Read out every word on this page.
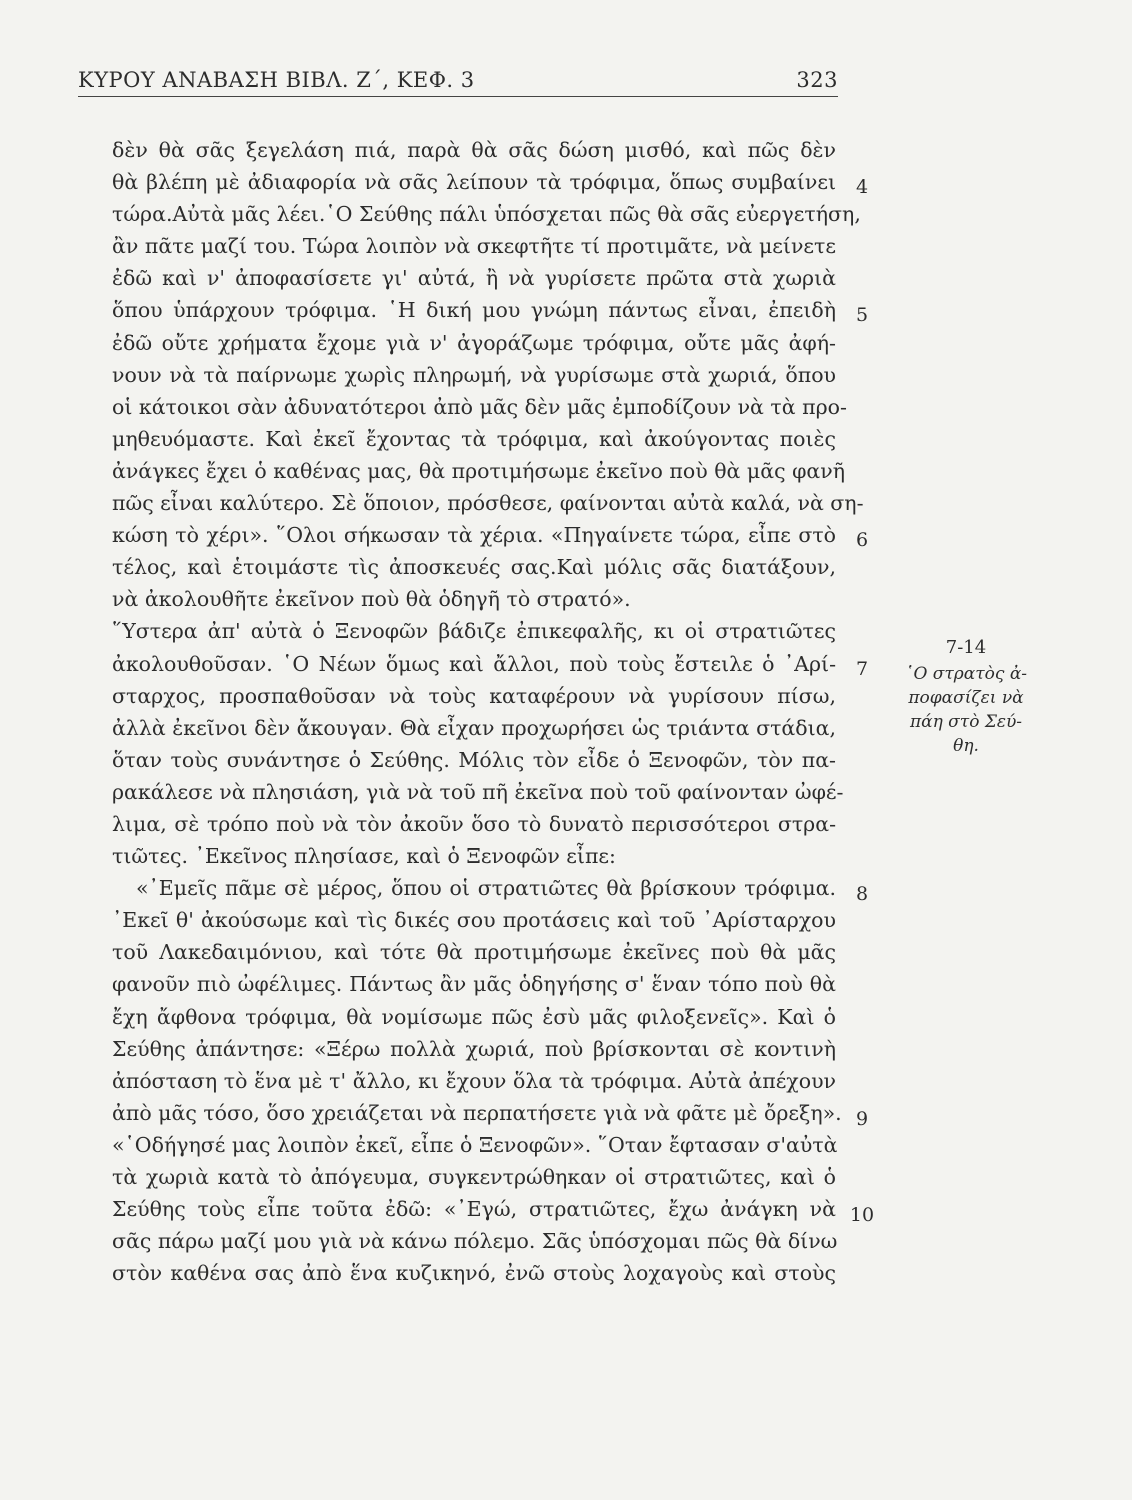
ΚΥΡΟΥ ΑΝΑΒΑΣΗ ΒΙΒΛ. Ζ΄, ΚΕΦ. 3	323
δὲν θὰ σᾶς ξεγελάση πιά, παρὰ θὰ σᾶς δώση μισθό, καὶ πῶς δὲν
θὰ βλέπη μὲ ἀδιαφορία νὰ σᾶς λείπουν τὰ τρόφιμα, ὅπως συμβαίνει
τώρα.Αὐτὰ μᾶς λέει.῾Ο Σεύθης πάλι ὑπόσχεται πῶς θὰ σᾶς εὐεργετήση,
ἂν πᾶτε μαζί του. Τώρα λοιπὸν νὰ σκεφτῆτε τί προτιμᾶτε, νὰ μείνετε
ἐδῶ καὶ ν' ἀποφασίσετε γι' αὐτά, ἢ νὰ γυρίσετε πρῶτα στὰ χωριὰ
ὅπου ὑπάρχουν τρόφιμα. ῾Η δική μου γνώμη πάντως εἶναι, ἐπειδὴ
ἐδῶ οὔτε χρήματα ἔχομε γιὰ ν' ἀγοράζωμε τρόφιμα, οὔτε μᾶς ἀφή-
νουν νὰ τὰ παίρνωμε χωρὶς πληρωμή, νὰ γυρίσωμε στὰ χωριά, ὅπου
οἱ κάτοικοι σὰν ἀδυνατότεροι ἀπὸ μᾶς δὲν μᾶς ἐμποδίζουν νὰ τὰ προ-
μηθευόμαστε. Καὶ ἐκεῖ ἔχοντας τὰ τρόφιμα, καὶ ἀκούγοντας ποιὲς
ἀνάγκες ἔχει ὁ καθένας μας, θὰ προτιμήσωμε ἐκεῖνο ποὺ θὰ μᾶς φανῆ
πῶς εἶναι καλύτερο. Σὲ ὅποιον, πρόσθεσε, φαίνονται αὐτὰ καλά, νὰ ση-
κώση τὸ χέρι». ῞Ολοι σήκωσαν τὰ χέρια. «Πηγαίνετε τώρα, εἶπε στὸ
τέλος, καὶ ἑτοιμάστε τὶς ἀποσκευές σας.Καὶ μόλις σᾶς διατάξουν,
νὰ ἀκολουθῆτε ἐκεῖνον ποὺ θὰ ὁδηγῆ τὸ στρατό».
῞Υστερα ἀπ' αὐτὰ ὁ Ξενοφῶν βάδιζε ἐπικεφαλῆς, κι οἱ στρατιῶτες
ἀκολουθοῦσαν. ῾Ο Νέων ὅμως καὶ ἄλλοι, ποὺ τοὺς ἔστειλε ὁ ᾿Αρί-
σταρχος, προσπαθοῦσαν νὰ τοὺς καταφέρουν νὰ γυρίσουν πίσω,
ἀλλὰ ἐκεῖνοι δὲν ἄκουγαν. Θὰ εἶχαν προχωρήσει ὡς τριάντα στάδια,
ὅταν τοὺς συνάντησε ὁ Σεύθης. Μόλις τὸν εἶδε ὁ Ξενοφῶν, τὸν πα-
ρακάλεσε νὰ πλησιάση, γιὰ νὰ τοῦ πῆ ἐκεῖνα ποὺ τοῦ φαίνονταν ὠφέ-
λιμα, σὲ τρόπο ποὺ νὰ τὸν ἀκοῦν ὅσο τὸ δυνατὸ περισσότεροι στρα-
τιῶτες. ᾿Εκεῖνος πλησίασε, καὶ ὁ Ξενοφῶν εἶπε:
«᾿Εμεῖς πᾶμε σὲ μέρος, ὅπου οἱ στρατιῶτες θὰ βρίσκουν τρόφιμα.
᾿Εκεῖ θ' ἀκούσωμε καὶ τὶς δικές σου προτάσεις καὶ τοῦ ᾿Αρίσταρχου
τοῦ Λακεδαιμόνιου, καὶ τότε θὰ προτιμήσωμε ἐκεῖνες ποὺ θὰ μᾶς
φανοῦν πιὸ ὠφέλιμες. Πάντως ἂν μᾶς ὁδηγήσης σ' ἕναν τόπο ποὺ θὰ
ἔχη ἄφθονα τρόφιμα, θὰ νομίσωμε πῶς ἐσὺ μᾶς φιλοξενεῖς». Καὶ ὁ
Σεύθης ἀπάντησε: «Ξέρω πολλὰ χωριά, ποὺ βρίσκονται σὲ κοντινὴ
ἀπόσταση τὸ ἕνα μὲ τ' ἄλλο, κι ἔχουν ὅλα τὰ τρόφιμα. Αὐτὰ ἀπέχουν
ἀπὸ μᾶς τόσο, ὅσο χρειάζεται νὰ περπατήσετε γιὰ νὰ φᾶτε μὲ ὄρεξη».
«῾Οδήγησέ μας λοιπὸν ἐκεῖ, εἶπε ὁ Ξενοφῶν». ῞Οταν ἔφτασαν σ'αὐτὰ
τὰ χωριὰ κατὰ τὸ ἀπόγευμα, συγκεντρώθηκαν οἱ στρατιῶτες, καὶ ὁ
Σεύθης τοὺς εἶπε τοῦτα ἐδῶ: «᾿Εγώ, στρατιῶτες, ἔχω ἀνάγκη νὰ
σᾶς πάρω μαζί μου γιὰ νὰ κάνω πόλεμο. Σᾶς ὑπόσχομαι πῶς θὰ δίνω
στὸν καθένα σας ἀπὸ ἕνα κυζικηνό, ἐνῶ στοὺς λοχαγοὺς καὶ στοὺς
4
5
6
7
8
9
10
7-14
῾Ο στρατὸς ἀ-
ποφασίζει νὰ
πάη στὸ Σεύ-
θη.
